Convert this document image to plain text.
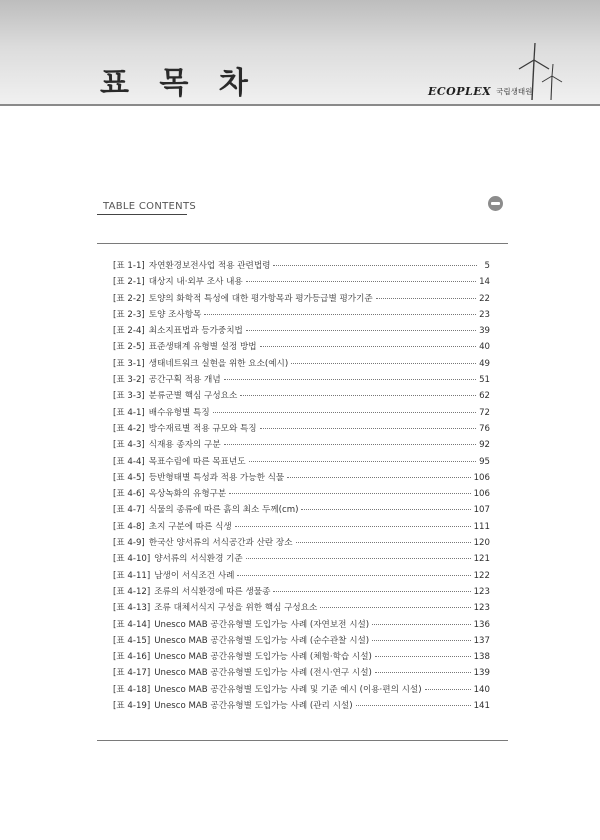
표 목 차	ECOPLEX 국립생태원
TABLE CONTENTS
[표 1-1] 자연환경보전사업 적용 관련법령	5
[표 2-1] 대상지 내·외부 조사 내용	14
[표 2-2] 토양의 화학적 특성에 대한 평가항목과 평가등급별 평가기준	22
[표 2-3] 토양 조사항목	23
[표 2-4] 최소지표법과 등가중치법	39
[표 2-5] 표준생태계 유형별 설정 방법	40
[표 3-1] 생태네트워크 실현을 위한 요소(예시)	49
[표 3-2] 공간구획 적용 개념	51
[표 3-3] 분류군별 핵심 구성요소	62
[표 4-1] 배수유형별 특징	72
[표 4-2] 방수재료별 적용 규모와 특징	76
[표 4-3] 식재용 종자의 구분	92
[표 4-4] 목표수림에 따른 목표년도	95
[표 4-5] 등반형태별 특성과 적용 가능한 식물	106
[표 4-6] 옥상녹화의 유형구분	106
[표 4-7] 식물의 종류에 따른 흙의 최소 두께(cm)	107
[표 4-8] 초지 구분에 따른 식생	111
[표 4-9] 한국산 양서류의 서식공간과 산란 장소	120
[표 4-10] 양서류의 서식환경 기준	121
[표 4-11] 남생이 서식조건 사례	122
[표 4-12] 조류의 서식환경에 따른 생물종	123
[표 4-13] 조류 대체서식지 구성을 위한 핵심 구성요소	123
[표 4-14] Unesco MAB 공간유형별 도입가능 사례 (자연보전 시설)	136
[표 4-15] Unesco MAB 공간유형별 도입가능 사례 (순수관찰 시설)	137
[표 4-16] Unesco MAB 공간유형별 도입가능 사례 (체험·학습 시설)	138
[표 4-17] Unesco MAB 공간유형별 도입가능 사례 (전시·연구 시설)	139
[표 4-18] Unesco MAB 공간유형별 도입가능 사례 및 기준 예시 (이용·편의 시설)	140
[표 4-19] Unesco MAB 공간유형별 도입가능 사례 (관리 시설)	141
